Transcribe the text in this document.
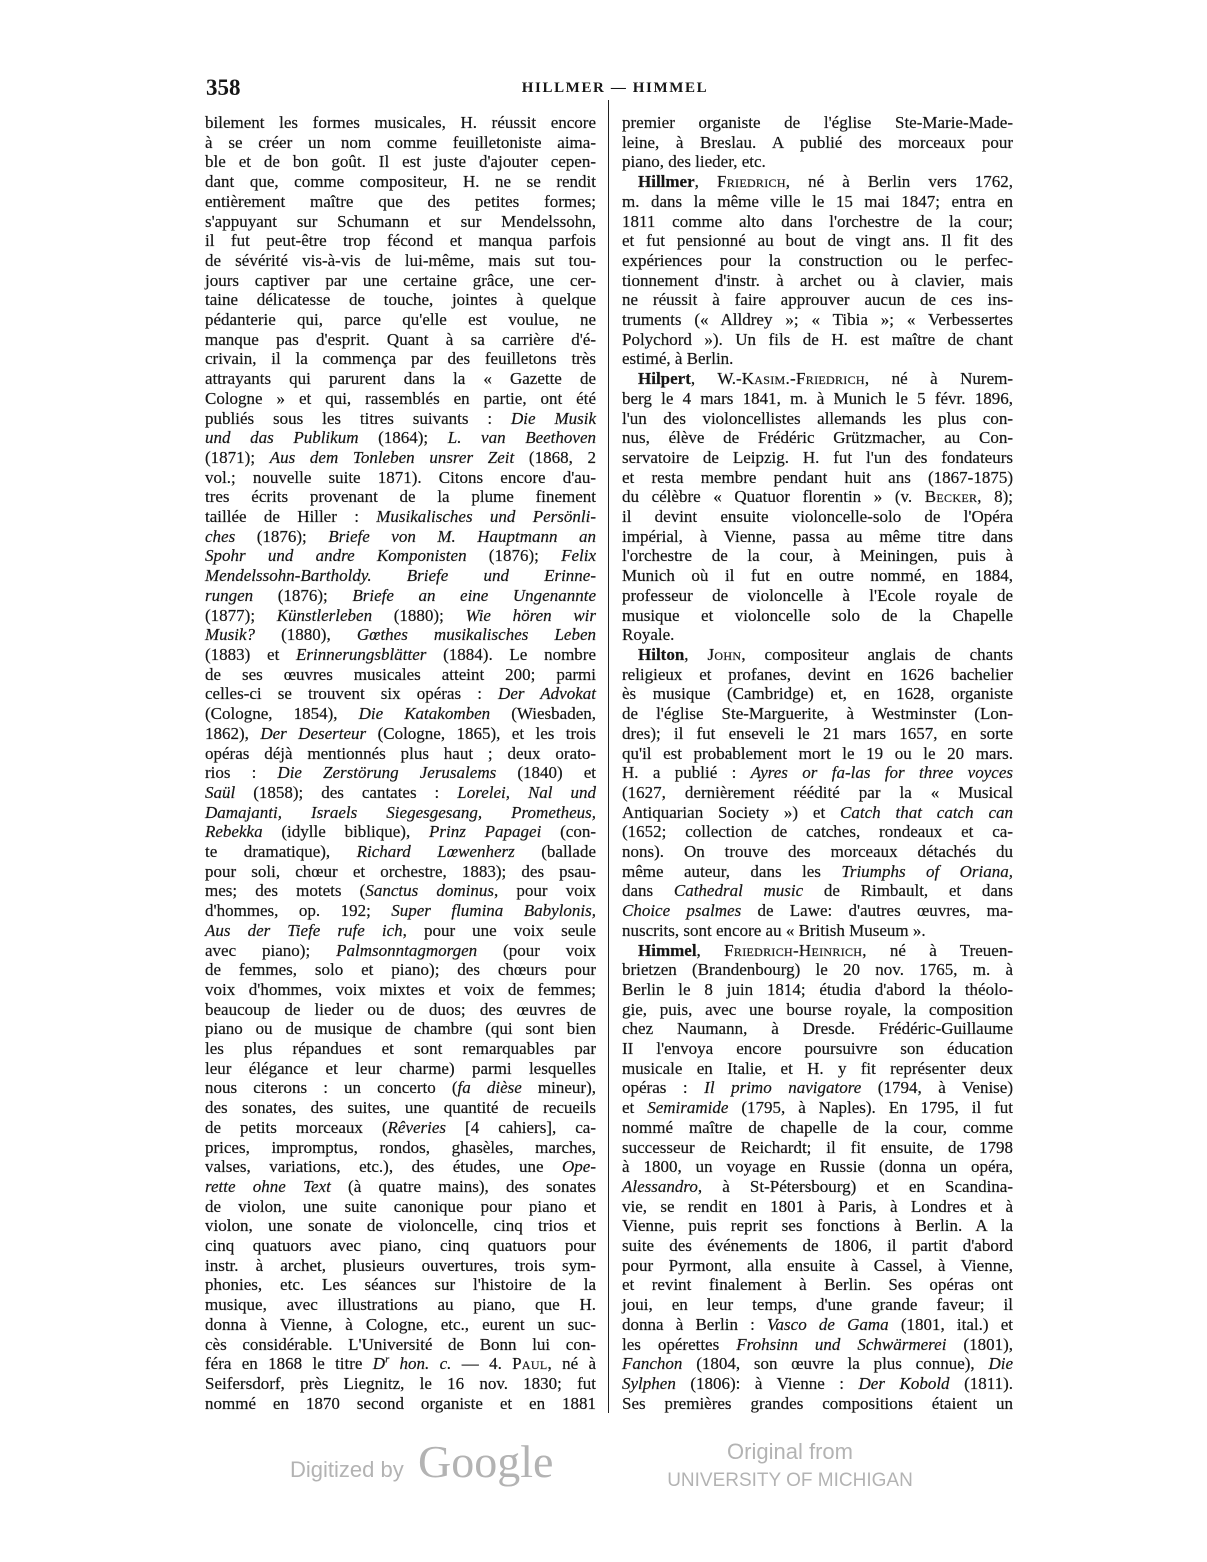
358	HILLMER — HIMMEL
bilement les formes musicales, H. réussit encore
à se créer un nom comme feuilletoniste aima-
ble et de bon goût. Il est juste d'ajouter cepen-
dant que, comme compositeur, H. ne se rendit
entièrement maître que des petites formes;
s'appuyant sur Schumann et sur Mendelssohn,
il fut peut-être trop fécond et manqua parfois
de sévérité vis-à-vis de lui-même, mais sut tou-
jours captiver par une certaine grâce, une cer-
taine délicatesse de touche, jointes à quelque
pédanterie qui, parce qu'elle est voulue, ne
manque pas d'esprit. Quant à sa carrière d'é-
crivain, il la commença par des feuilletons très
attrayants qui parurent dans la « Gazette de
Cologne » et qui, rassemblés en partie, ont été
publiés sous les titres suivants : Die Musik
und das Publikum (1864); L. van Beethoven
(1871); Aus dem Tonleben unsrer Zeit (1868, 2
vol.; nouvelle suite 1871). Citons encore d'au-
tres écrits provenant de la plume finement
taillée de Hiller : Musikalisches und Persönli-
ches (1876); Briefe von M. Hauptmann an
Spohr und andre Komponisten (1876); Felix
Mendelssohn-Bartholdy. Briefe und Erinne-
rungen (1876); Briefe an eine Ungenannte
(1877); Künstlerleben (1880); Wie hören wir
Musik? (1880), Gœthes musikalisches Leben
(1883) et Erinnerungsblätter (1884). Le nombre
de ses œuvres musicales atteint 200; parmi
celles-ci se trouvent six opéras : Der Advokat
(Cologne, 1854), Die Katakomben (Wiesbaden,
1862), Der Deserteur (Cologne, 1865), et les trois
opéras déjà mentionnés plus haut ; deux orato-
rios : Die Zerstörung Jerusalems (1840) et
Saül (1858); des cantates : Lorelei, Nal und
Damajanti, Israels Siegesgesang, Prometheus,
Rebekka (idylle biblique), Prinz Papagei (con-
te dramatique), Richard Lœwenherz (ballade
pour soli, chœur et orchestre, 1883); des psau-
mes; des motets (Sanctus dominus, pour voix
d'hommes, op. 192; Super flumina Babylonis,
Aus der Tiefe rufe ich, pour une voix seule
avec piano); Palmsonntagmorgen (pour voix
de femmes, solo et piano); des chœurs pour
voix d'hommes, voix mixtes et voix de femmes;
beaucoup de lieder ou de duos; des œuvres de
piano ou de musique de chambre (qui sont bien
les plus répandues et sont remarquables par
leur élégance et leur charme) parmi lesquelles
nous citerons : un concerto (fa dièse mineur),
des sonates, des suites, une quantité de recueils
de petits morceaux (Rêveries [4 cahiers], ca-
prices, impromptus, rondos, ghasèles, marches,
valses, variations, etc.), des études, une Ope-
rette ohne Text (à quatre mains), des sonates
de violon, une suite canonique pour piano et
violon, une sonate de violoncelle, cinq trios et
cinq quatuors avec piano, cinq quatuors pour
instr. à archet, plusieurs ouvertures, trois sym-
phonies, etc. Les séances sur l'histoire de la
musique, avec illustrations au piano, que H.
donna à Vienne, à Cologne, etc., eurent un suc-
cès considérable. L'Université de Bonn lui con-
féra en 1868 le titre $D^r$ hon. c. — 4. Paul, né à
Seifersdorf, près Liegnitz, le 16 nov. 1830; fut
nommé en 1870 second organiste et en 1881
premier organiste de l'église Ste-Marie-Made-
leine, à Breslau. A publié des morceaux pour
piano, des lieder, etc.
Hillmer, Friedrich, né à Berlin vers 1762,
m. dans la même ville le 15 mai 1847; entra en
1811 comme alto dans l'orchestre de la cour;
et fut pensionné au bout de vingt ans. Il fit des
expériences pour la construction ou le perfec-
tionnement d'instr. à archet ou à clavier, mais
ne réussit à faire approuver aucun de ces ins-
truments (« Alldrey »; « Tibia »; « Verbessertes
Polychord »). Un fils de H. est maître de chant
estimé, à Berlin.
Hilpert, W.-Kasim.-Friedrich, né à Nurem-
berg le 4 mars 1841, m. à Munich le 5 févr. 1896,
l'un des violoncellistes allemands les plus con-
nus, élève de Frédéric Grützmacher, au Con-
servatoire de Leipzig. H. fut l'un des fondateurs
et resta membre pendant huit ans (1867-1875)
du célèbre « Quatuor florentin » (v. Becker, 8);
il devint ensuite violoncelle-solo de l'Opéra
impérial, à Vienne, passa au même titre dans
l'orchestre de la cour, à Meiningen, puis à
Munich où il fut en outre nommé, en 1884,
professeur de violoncelle à l'Ecole royale de
musique et violoncelle solo de la Chapelle
Royale.
Hilton, John, compositeur anglais de chants
religieux et profanes, devint en 1626 bachelier
ès musique (Cambridge) et, en 1628, organiste
de l'église Ste-Marguerite, à Westminster (Lon-
dres); il fut enseveli le 21 mars 1657, en sorte
qu'il est probablement mort le 19 ou le 20 mars.
H. a publié : Ayres or fa-las for three voyces
(1627, dernièrement réédité par la « Musical
Antiquarian Society ») et Catch that catch can
(1652; collection de catches, rondeaux et ca-
nons). On trouve des morceaux détachés du
même auteur, dans les Triumphs of Oriana,
dans Cathedral music de Rimbault, et dans
Choice psalmes de Lawe: d'autres œuvres, ma-
nuscrits, sont encore au « British Museum ».
Himmel, Friedrich-Heinrich, né à Treuen-
brietzen (Brandenbourg) le 20 nov. 1765, m. à
Berlin le 8 juin 1814; étudia d'abord la théolo-
gie, puis, avec une bourse royale, la composition
chez Naumann, à Dresde. Frédéric-Guillaume
II l'envoya encore poursuivre son éducation
musicale en Italie, et H. y fit représenter deux
opéras : Il primo navigatore (1794, à Venise)
et Semiramide (1795, à Naples). En 1795, il fut
nommé maître de chapelle de la cour, comme
successeur de Reichardt; il fit ensuite, de 1798
à 1800, un voyage en Russie (donna un opéra,
Alessandro, à St-Pétersbourg) et en Scandina-
vie, se rendit en 1801 à Paris, à Londres et à
Vienne, puis reprit ses fonctions à Berlin. A la
suite des événements de 1806, il partit d'abord
pour Pyrmont, alla ensuite à Cassel, à Vienne,
et revint finalement à Berlin. Ses opéras ont
joui, en leur temps, d'une grande faveur; il
donna à Berlin : Vasco de Gama (1801, ital.) et
les opérettes Frohsinn und Schwärmerei (1801),
Fanchon (1804, son œuvre la plus connue), Die
Sylphen (1806): à Vienne : Der Kobold (1811).
Ses premières grandes compositions étaient un
Digitized by Google	Original from
UNIVERSITY OF MICHIGAN
